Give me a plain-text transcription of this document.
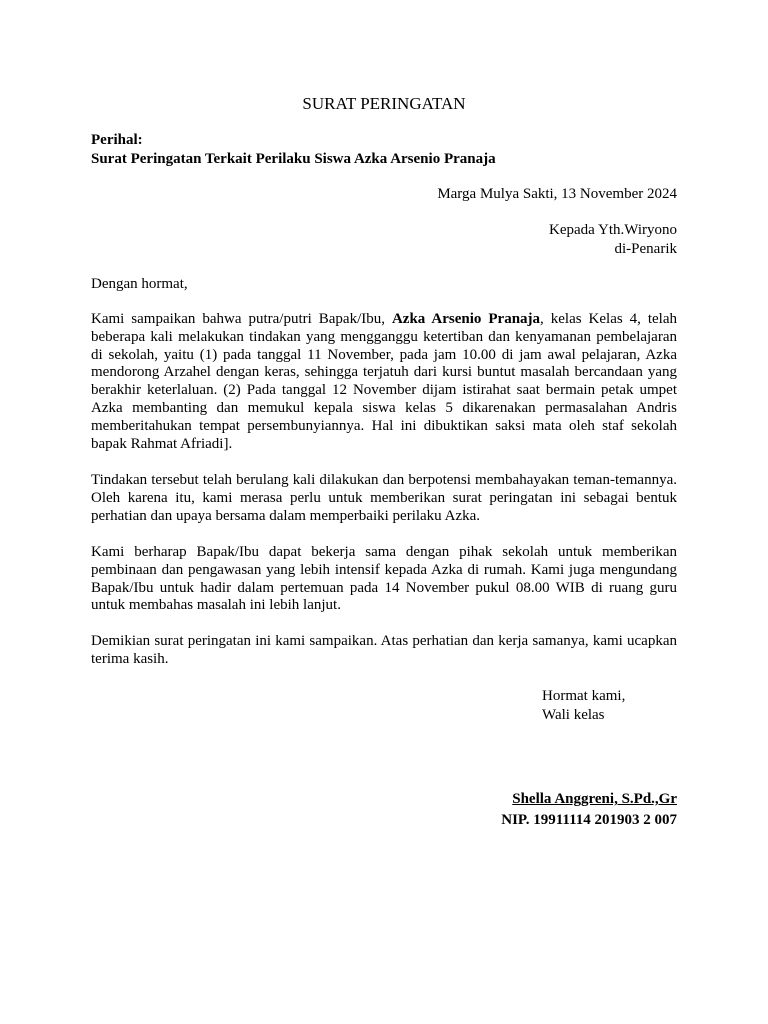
SURAT PERINGATAN
Perihal:
Surat Peringatan Terkait Perilaku Siswa Azka Arsenio Pranaja
Marga Mulya Sakti, 13 November 2024
Kepada Yth.Wiryono
di-Penarik
Dengan hormat,
Kami sampaikan bahwa putra/putri Bapak/Ibu, Azka Arsenio Pranaja, kelas Kelas 4, telah beberapa kali melakukan tindakan yang mengganggu ketertiban dan kenyamanan pembelajaran di sekolah, yaitu (1) pada tanggal 11 November, pada jam 10.00 di jam awal pelajaran, Azka mendorong Arzahel dengan keras, sehingga terjatuh dari kursi buntut masalah bercandaan yang berakhir keterlaluan. (2) Pada tanggal 12 November dijam istirahat saat bermain petak umpet Azka membanting dan memukul kepala siswa kelas 5 dikarenakan permasalahan Andris memberitahukan tempat persembunyiannya. Hal ini dibuktikan saksi mata oleh staf sekolah bapak Rahmat Afriadi].
Tindakan tersebut telah berulang kali dilakukan dan berpotensi membahayakan teman-temannya. Oleh karena itu, kami merasa perlu untuk memberikan surat peringatan ini sebagai bentuk perhatian dan upaya bersama dalam memperbaiki perilaku Azka.
Kami berharap Bapak/Ibu dapat bekerja sama dengan pihak sekolah untuk memberikan pembinaan dan pengawasan yang lebih intensif kepada Azka di rumah. Kami juga mengundang Bapak/Ibu untuk hadir dalam pertemuan pada 14 November pukul 08.00 WIB di ruang guru untuk membahas masalah ini lebih lanjut.
Demikian surat peringatan ini kami sampaikan. Atas perhatian dan kerja samanya, kami ucapkan terima kasih.
Hormat kami,
Wali kelas
Shella Anggreni, S.Pd.,Gr
NIP. 19911114 201903 2 007
